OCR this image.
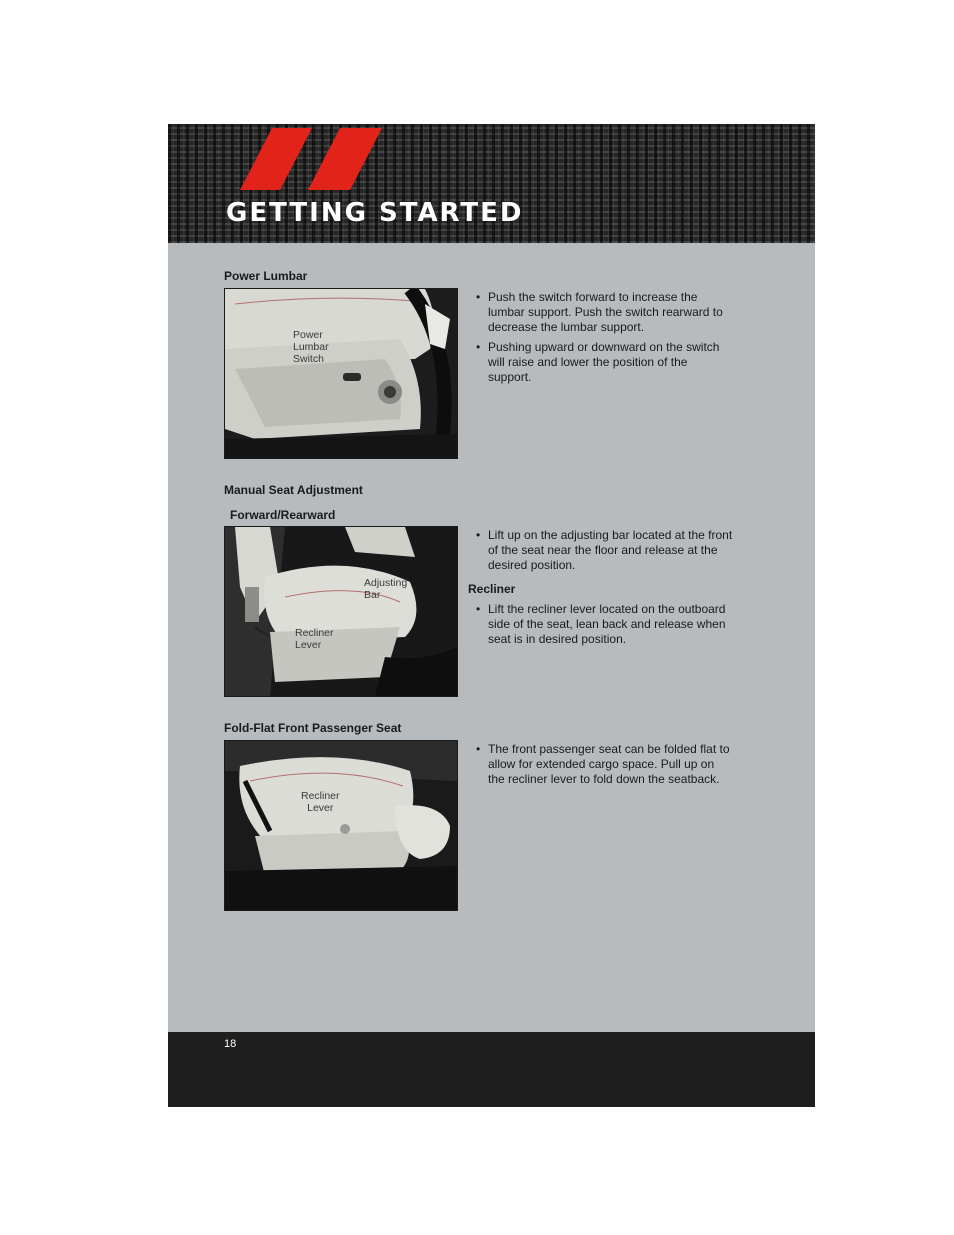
GETTING STARTED
Power Lumbar
Power
Lumbar
Switch
• Push the switch forward to increase the lumbar support. Push the switch rearward to decrease the lumbar support.
• Pushing upward or downward on the switch will raise and lower the position of the support.
Manual Seat Adjustment
Forward/Rearward
Adjusting
Bar
Recliner
Lever
• Lift up on the adjusting bar located at the front of the seat near the floor and release at the desired position.
Recliner
• Lift the recliner lever located on the outboard side of the seat, lean back and release when seat is in desired position.
Fold-Flat Front Passenger Seat
Recliner
Lever
• The front passenger seat can be folded flat to allow for extended cargo space. Pull up on the recliner lever to fold down the seatback.

18
